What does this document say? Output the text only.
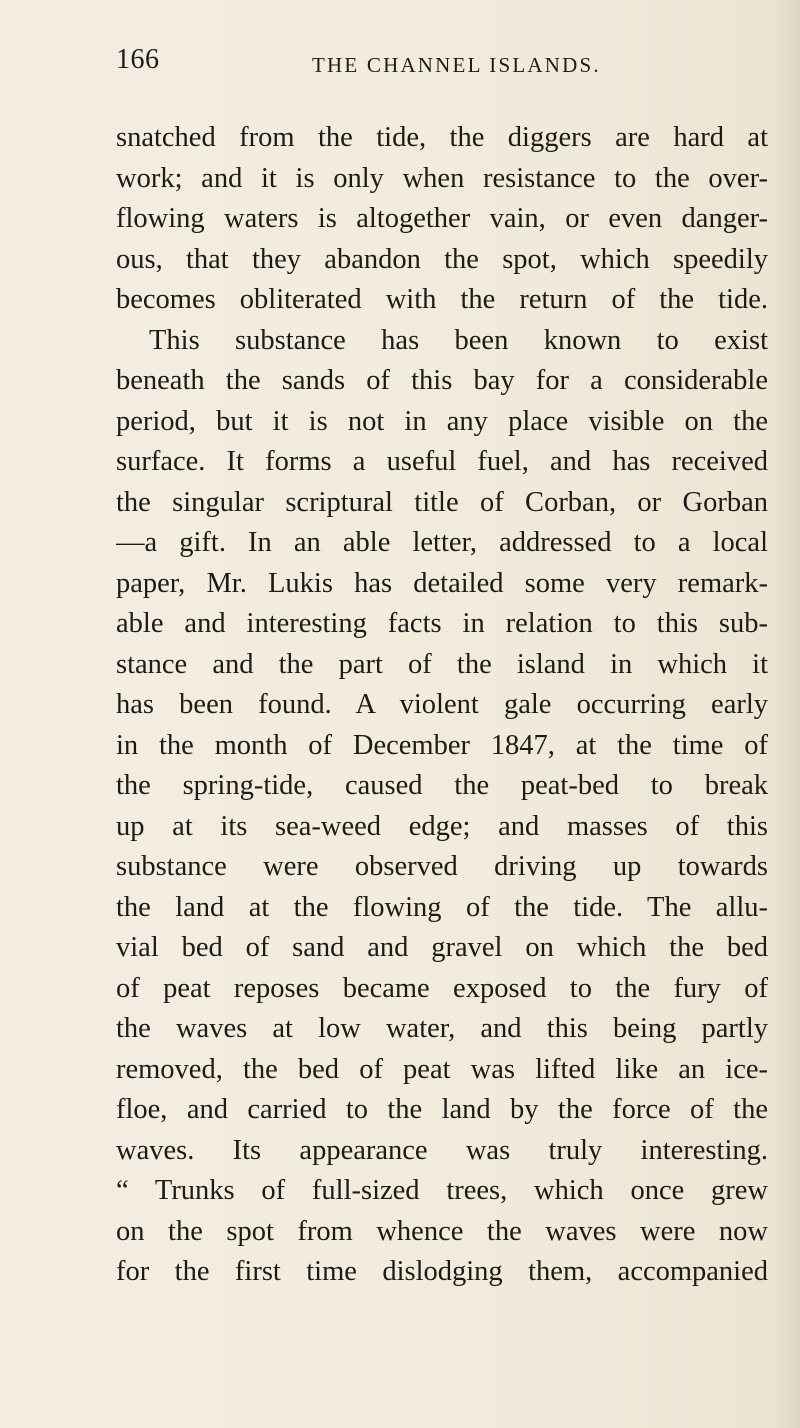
166	THE CHANNEL ISLANDS.
snatched from the tide, the diggers are hard at
work; and it is only when resistance to the over-
flowing waters is altogether vain, or even danger-
ous, that they abandon the spot, which speedily
becomes obliterated with the return of the tide.
This substance has been known to exist
beneath the sands of this bay for a considerable
period, but it is not in any place visible on the
surface. It forms a useful fuel, and has received
the singular scriptural title of Corban, or Gorban
—a gift. In an able letter, addressed to a local
paper, Mr. Lukis has detailed some very remark-
able and interesting facts in relation to this sub-
stance and the part of the island in which it
has been found. A violent gale occurring early
in the month of December 1847, at the time of
the spring-tide, caused the peat-bed to break
up at its sea-weed edge; and masses of this
substance were observed driving up towards
the land at the flowing of the tide. The allu-
vial bed of sand and gravel on which the bed
of peat reposes became exposed to the fury of
the waves at low water, and this being partly
removed, the bed of peat was lifted like an ice-
floe, and carried to the land by the force of the
waves. Its appearance was truly interesting.
“ Trunks of full-sized trees, which once grew
on the spot from whence the waves were now
for the first time dislodging them, accompanied
